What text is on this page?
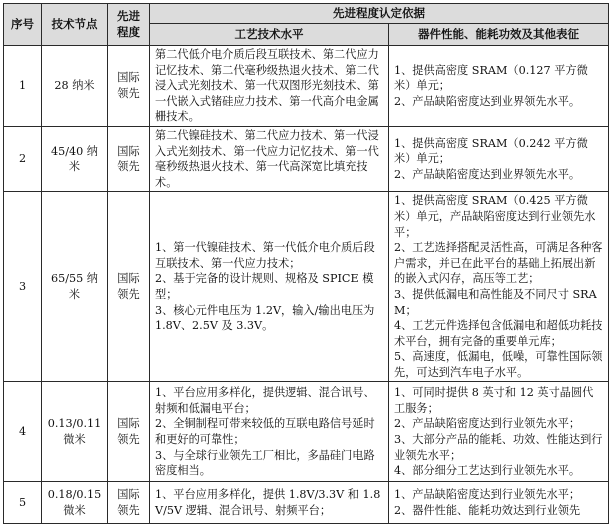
序号	技术节点	先进程度	先进程度认定依据	
			工艺技术水平	器件性能、能耗功效及其他表征
1	28 纳米	国际领先	第二代低介电介质后段互联技术、第二代应力记忆技术、第二代毫秒级热退火技术、第二代浸入式光刻技术、第一代双图形光刻技术、第一代嵌入式锗硅应力技术、第一代高介电金属栅技术。	1、提供高密度 SRAM（0.127 平方微米）单元；
2、产品缺陷密度达到业界领先水平。

2	45/40 纳米	国际领先	第二代镍硅技术、第二代应力技术、第一代浸入式光刻技术、第一代应力记忆技术、第一代毫秒级热退火技术、第一代高深宽比填充技术。	1、提供高密度 SRAM（0.242 平方微米）单元；
2、产品缺陷密度达到业界领先水平。

3	65/55 纳米	国际领先	1、第一代镍硅技术、第一代低介电介质后段互联技术、第一代应力技术；
2、基于完备的设计规则、规格及 SPICE 模型；
3、核心元件电压为 1.2V，输入/输出电压为 1.8V、2.5V 及 3.3V。	1、提供高密度 SRAM（0.425 平方微米）单元，产品缺陷密度达到行业领先水平；
2、工艺选择搭配灵活性高，可满足各种客户需求，并已在此平台的基础上拓展出新的嵌入式闪存，高压等工艺；
3、提供低漏电和高性能及不同尺寸 SRAM；
4、工艺元件选择包含低漏电和超低功耗技术平台，拥有完备的重要单元库；
5、高速度，低漏电，低噪，可靠性国际领先，可达到汽车电子水平。

4	0.13/0.11 微米	国际领先	1、平台应用多样化，提供逻辑、混合讯号、射频和低漏电平台；
2、全铜制程可带来较低的互联电路信号延时和更好的可靠性；
3、与全球行业领先工厂相比，多晶硅门电路密度相当。	1、可同时提供 8 英寸和 12 英寸晶圆代工服务；
2、产品缺陷密度达到行业领先水平；
3、大部分产品的能耗、功效、性能达到行业领先水平；
4、部分细分工艺达到行业领先水平。

5	0.18/0.15 微米	国际领先	1、平台应用多样化，提供 1.8V/3.3V 和 1.8V/5V 逻辑、混合讯号、射频平台；	1、产品缺陷密度达到行业领先水平；
2、器件性能、能耗功效达到行业领先
